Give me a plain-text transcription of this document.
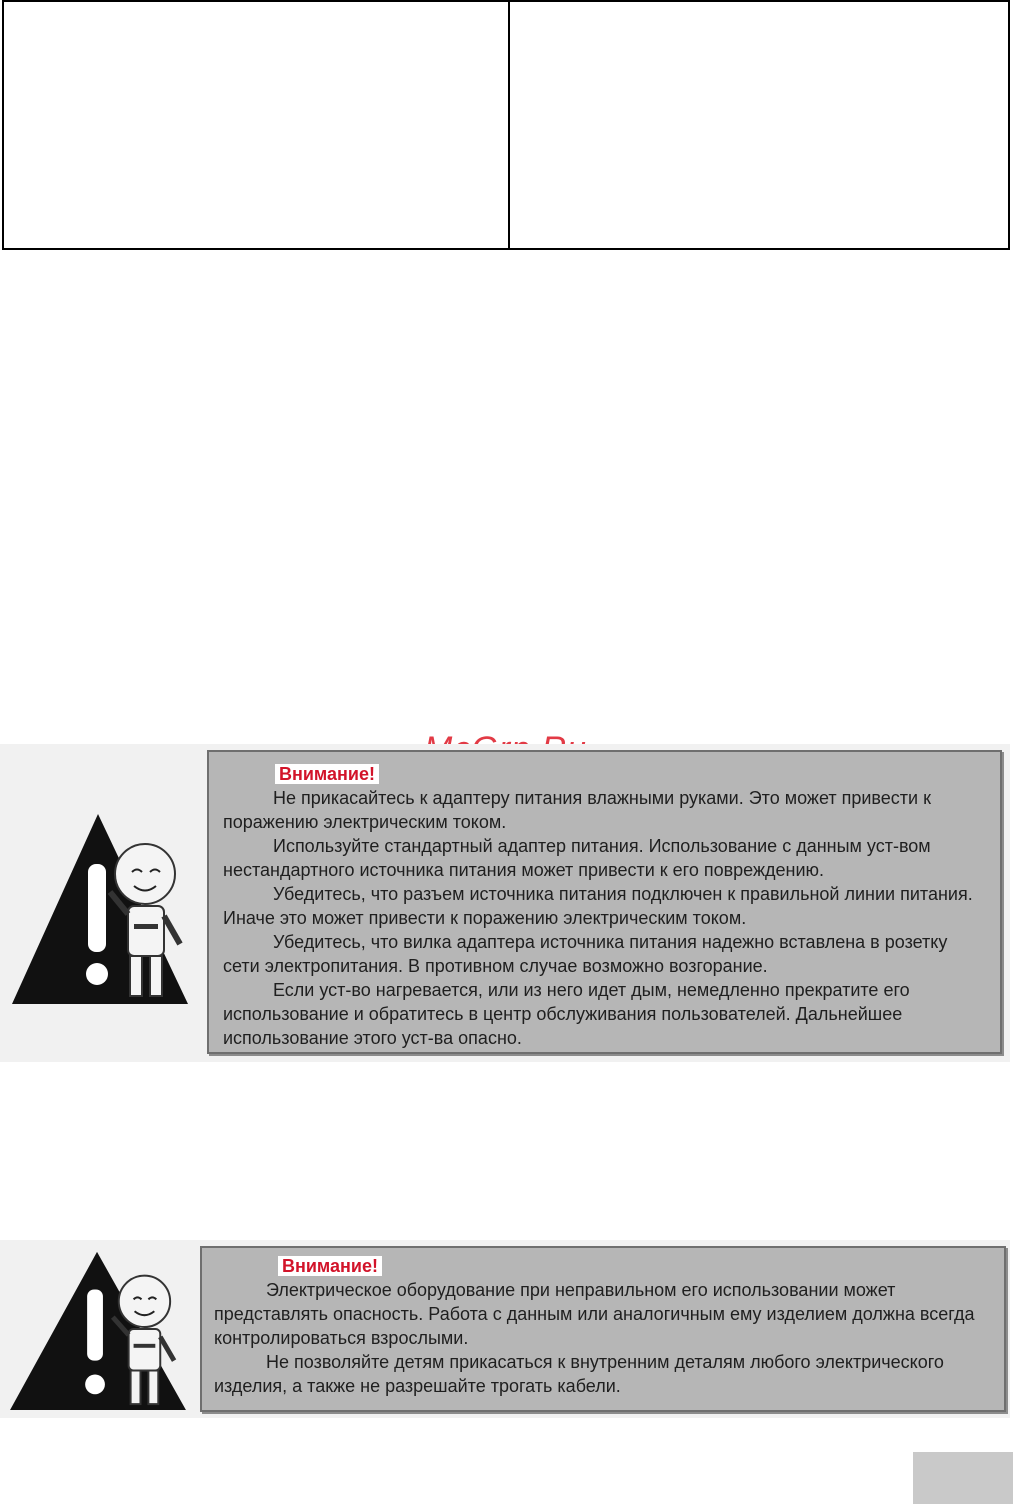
Внимание!

Не прикасайтесь к адаптеру питания влажными руками. Это может привести к поражению электрическим током.

Используйте стандартный адаптер питания. Использование с данным уст-вом нестандартного источника питания может привести к его повреждению.

Убедитесь, что разъем источника питания подключен к правильной линии питания. Иначе это может привести к поражению электрическим током.

Убедитесь, что вилка адаптера источника питания надежно вставлена в розетку сети электропитания. В противном случае возможно возгорание.

Если уст-во нагревается, или из него идет дым, немедленно прекратите его использование и обратитесь в центр обслуживания пользователей. Дальнейшее использование этого уст-ва опасно.

Внимание!

Электрическое оборудование при неправильном его использовании может представлять опасность. Работа с данным или аналогичным ему изделием должна всегда контролироваться взрослыми.

Не позволяйте детям прикасаться к внутренним деталям любого электрического изделия, а также не разрешайте трогать кабели.
